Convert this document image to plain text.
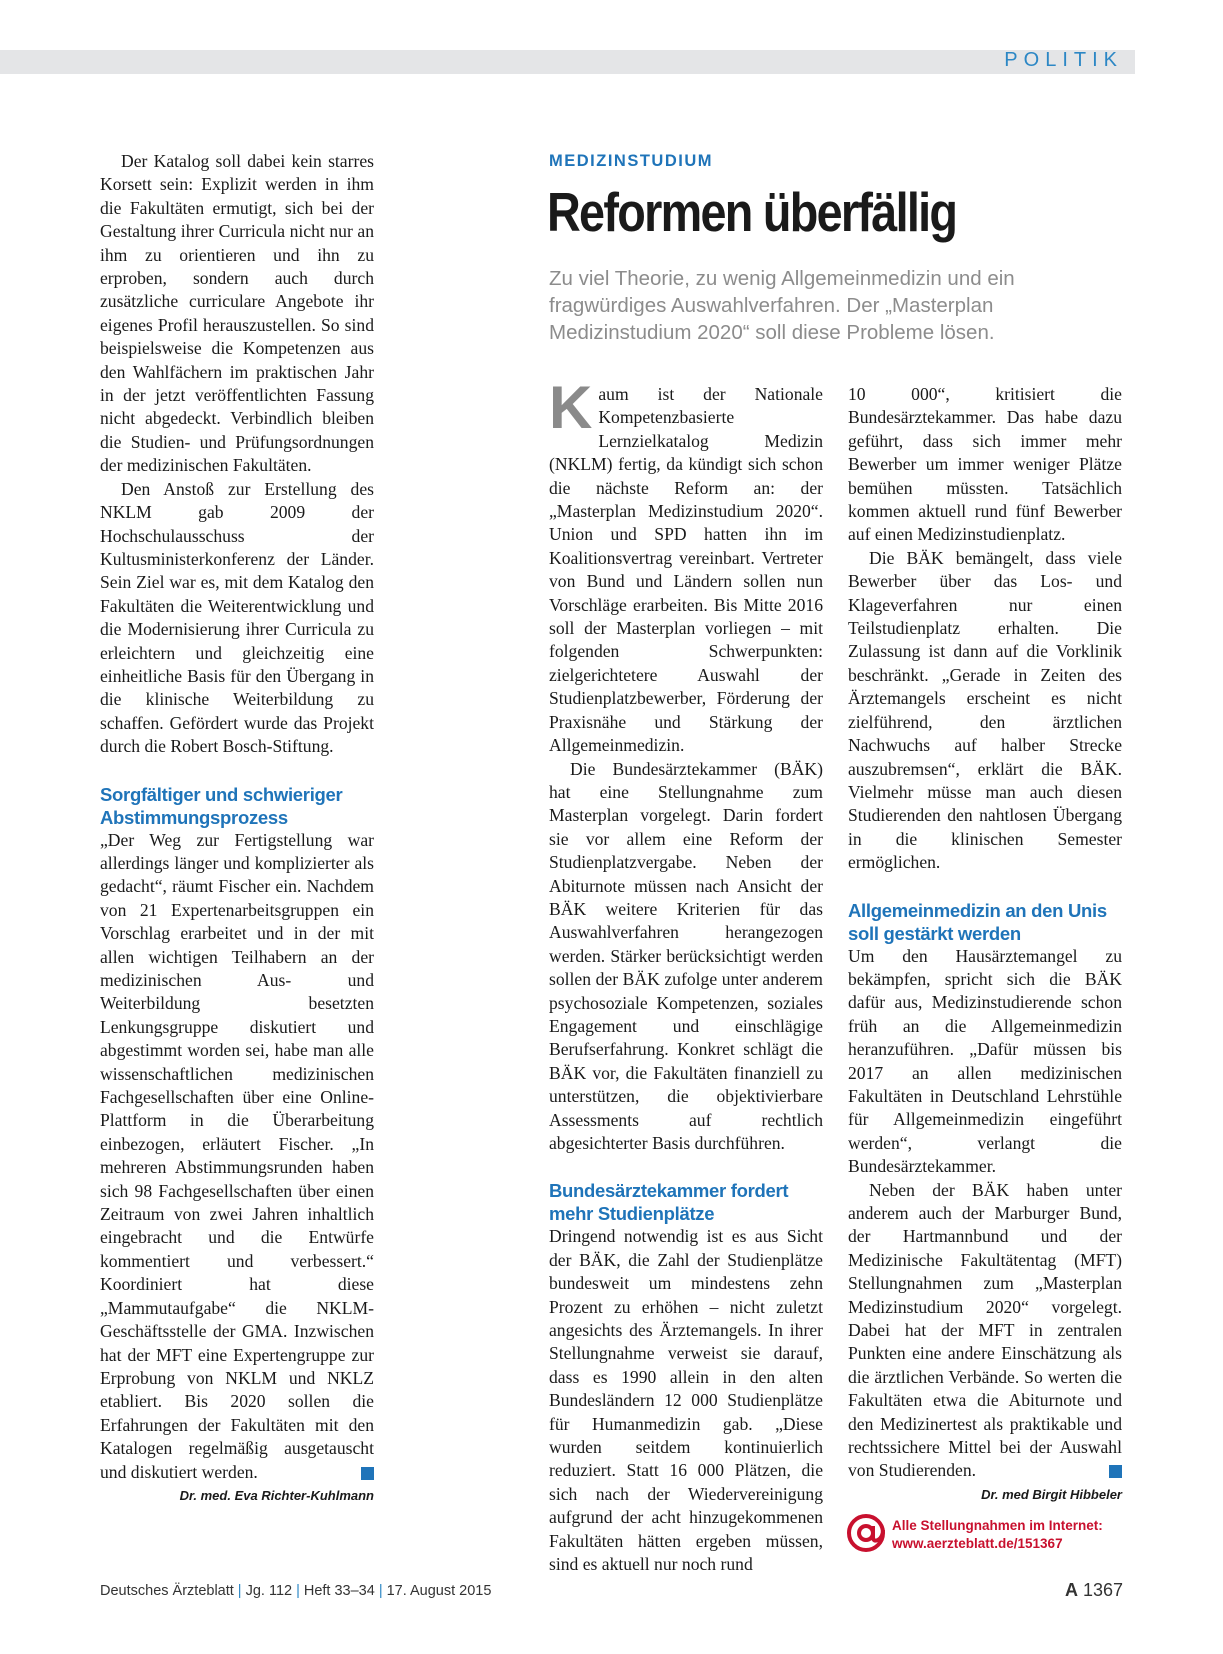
POLITIK

Der Katalog soll dabei kein starres Korsett sein: Explizit werden in ihm die Fakultäten ermutigt, sich bei der Gestaltung ihrer Curricula nicht nur an ihm zu orientieren und ihn zu erproben, sondern auch durch zusätzliche curriculare Angebote ihr eigenes Profil herauszustellen. So sind beispielsweise die Kompetenzen aus den Wahlfächern im praktischen Jahr in der jetzt veröffentlichten Fassung nicht abgedeckt. Verbindlich bleiben die Studien- und Prüfungsordnungen der medizinischen Fakultäten.

Den Anstoß zur Erstellung des NKLM gab 2009 der Hochschulausschuss der Kultusministerkonferenz der Länder. Sein Ziel war es, mit dem Katalog den Fakultäten die Weiterentwicklung und die Modernisierung ihrer Curricula zu erleichtern und gleichzeitig eine einheitliche Basis für den Übergang in die klinische Weiterbildung zu schaffen. Gefördert wurde das Projekt durch die Robert Bosch-Stiftung.

Sorgfältiger und schwieriger Abstimmungsprozess

„Der Weg zur Fertigstellung war allerdings länger und komplizierter als gedacht“, räumt Fischer ein. Nachdem von 21 Expertenarbeitsgruppen ein Vorschlag erarbeitet und in der mit allen wichtigen Teilhabern an der medizinischen Aus- und Weiterbildung besetzten Lenkungsgruppe diskutiert und abgestimmt worden sei, habe man alle wissenschaftlichen medizinischen Fachgesellschaften über eine Online-Plattform in die Überarbeitung einbezogen, erläutert Fischer. „In mehreren Abstimmungsrunden haben sich 98 Fachgesellschaften über einen Zeitraum von zwei Jahren inhaltlich eingebracht und die Entwürfe kommentiert und verbessert.“ Koordiniert hat diese „Mammutaufgabe“ die NKLM-Geschäftsstelle der GMA. Inzwischen hat der MFT eine Expertengruppe zur Erprobung von NKLM und NKLZ etabliert. Bis 2020 sollen die Erfahrungen der Fakultäten mit den Katalogen regelmäßig ausgetauscht und diskutiert werden.

Dr. med. Eva Richter-Kuhlmann
MEDIZINSTUDIUM
Reformen überfällig
Zu viel Theorie, zu wenig Allgemeinmedizin und ein fragwürdiges Auswahlverfahren. Der „Masterplan Medizinstudium 2020“ soll diese Probleme lösen.

Kaum ist der Nationale Kompetenzbasierte Lernzielkatalog Medizin (NKLM) fertig, da kündigt sich schon die nächste Reform an: der „Masterplan Medizinstudium 2020“. Union und SPD hatten ihn im Koalitionsvertrag vereinbart. Vertreter von Bund und Ländern sollen nun Vorschläge erarbeiten. Bis Mitte 2016 soll der Masterplan vorliegen – mit folgenden Schwerpunkten: zielgerichtetere Auswahl der Studienplatzbewerber, Förderung der Praxisnähe und Stärkung der Allgemeinmedizin.

Die Bundesärztekammer (BÄK) hat eine Stellungnahme zum Masterplan vorgelegt. Darin fordert sie vor allem eine Reform der Studienplatzvergabe. Neben der Abiturnote müssen nach Ansicht der BÄK weitere Kriterien für das Auswahlverfahren herangezogen werden. Stärker berücksichtigt werden sollen der BÄK zufolge unter anderem psychosoziale Kompetenzen, soziales Engagement und einschlägige Berufserfahrung. Konkret schlägt die BÄK vor, die Fakultäten finanziell zu unterstützen, die objektivierbare Assessments auf rechtlich abgesichterter Basis durchführen.

Bundesärztekammer fordert mehr Studienplätze

Dringend notwendig ist es aus Sicht der BÄK, die Zahl der Studienplätze bundesweit um mindestens zehn Prozent zu erhöhen – nicht zuletzt angesichts des Ärztemangels. In ihrer Stellungnahme verweist sie darauf, dass es 1990 allein in den alten Bundesländern 12 000 Studienplätze für Humanmedizin gab. „Diese wurden seitdem kontinuierlich reduziert. Statt 16 000 Plätzen, die sich nach der Wiedervereinigung aufgrund der acht hinzugekommenen Fakultäten hätten ergeben müssen, sind es aktuell nur noch rund

10 000“, kritisiert die Bundesärztekammer. Das habe dazu geführt, dass sich immer mehr Bewerber um immer weniger Plätze bemühen müssten. Tatsächlich kommen aktuell rund fünf Bewerber auf einen Medizinstudienplatz.

Die BÄK bemängelt, dass viele Bewerber über das Los- und Klageverfahren nur einen Teilstudienplatz erhalten. Die Zulassung ist dann auf die Vorklinik beschränkt. „Gerade in Zeiten des Ärztemangels erscheint es nicht zielführend, den ärztlichen Nachwuchs auf halber Strecke auszubremsen“, erklärt die BÄK. Vielmehr müsse man auch diesen Studierenden den nahtlosen Übergang in die klinischen Semester ermöglichen.

Allgemeinmedizin an den Unis soll gestärkt werden

Um den Hausärztemangel zu bekämpfen, spricht sich die BÄK dafür aus, Medizinstudierende schon früh an die Allgemeinmedizin heranzuführen. „Dafür müssen bis 2017 an allen medizinischen Fakultäten in Deutschland Lehrstühle für Allgemeinmedizin eingeführt werden“, verlangt die Bundesärztekammer.

Neben der BÄK haben unter anderem auch der Marburger Bund, der Hartmannbund und der Medizinische Fakultätentag (MFT) Stellungnahmen zum „Masterplan Medizinstudium 2020“ vorgelegt. Dabei hat der MFT in zentralen Punkten eine andere Einschätzung als die ärztlichen Verbände. So werten die Fakultäten etwa die Abiturnote und den Medizinertest als praktikable und rechtssichere Mittel bei der Auswahl von Studierenden.

Dr. med Birgit Hibbeler
Alle Stellungnahmen im Internet:
www.aerzteblatt.de/151367
Deutsches Ärzteblatt | Jg. 112 | Heft 33–34 | 17. August 2015	A 1367
